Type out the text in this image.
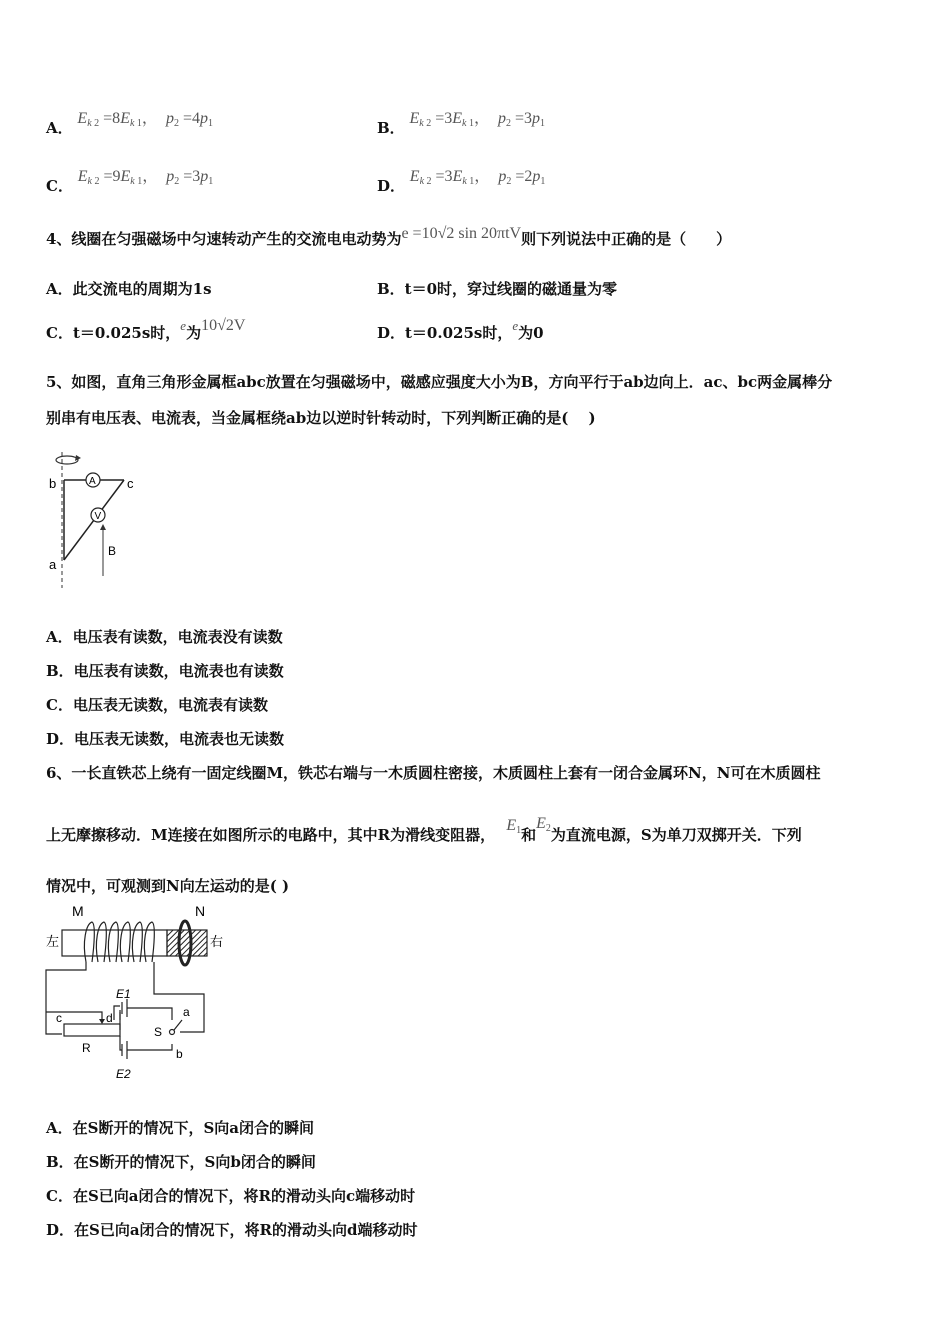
A． $E_{k 2} =8E_{k 1}$，  $p_2 =4p_1$	B． $E_{k 2} =3E_{k 1}$，  $p_2 =3p_1$
C． $E_{k 2} =9E_{k 1}$，  $p_2 =3p_1$	D． $E_{k 2} =3E_{k 1}$，  $p_2 =2p_1$
4、线圈在匀强磁场中匀速转动产生的交流电电动势为e =10√2 sin 20πtV则下列说法中正确的是（　　）
A．此交流电的周期为1s	B．t＝0时，穿过线圈的磁通量为零
C．t＝0.025s时，e为10√2V	D．t＝0.025s时，e为0
5、如图，直角三角形金属框abc放置在匀强磁场中，磁感应强度大小为B，方向平行于ab边向上．ac、bc两金属棒分
别串有电压表、电流表，当金属框绕ab边以逆时针转动时，下列判断正确的是(　 )
A
V
B
b
a
c
A．电压表有读数，电流表没有读数
B．电压表有读数，电流表也有读数
C．电压表无读数，电流表有读数
D．电压表无读数，电流表也无读数
6、一长直铁芯上绕有一固定线圈M，铁芯右端与一木质圆柱密接，木质圆柱上套有一闭合金属环N，N可在木质圆柱
上无摩擦移动．M连接在如图所示的电路中，其中R为滑线变阻器， $E_1$和$E_2$为直流电源，S为单刀双掷开关．下列
情况中，可观测到N向左运动的是( )
M	N
左	右
c	d
R
E1
E2
S
a
b
A．在S断开的情况下，S向a闭合的瞬间
B．在S断开的情况下，S向b闭合的瞬间
C．在S已向a闭合的情况下，将R的滑动头向c端移动时
D．在S已向a闭合的情况下，将R的滑动头向d端移动时
